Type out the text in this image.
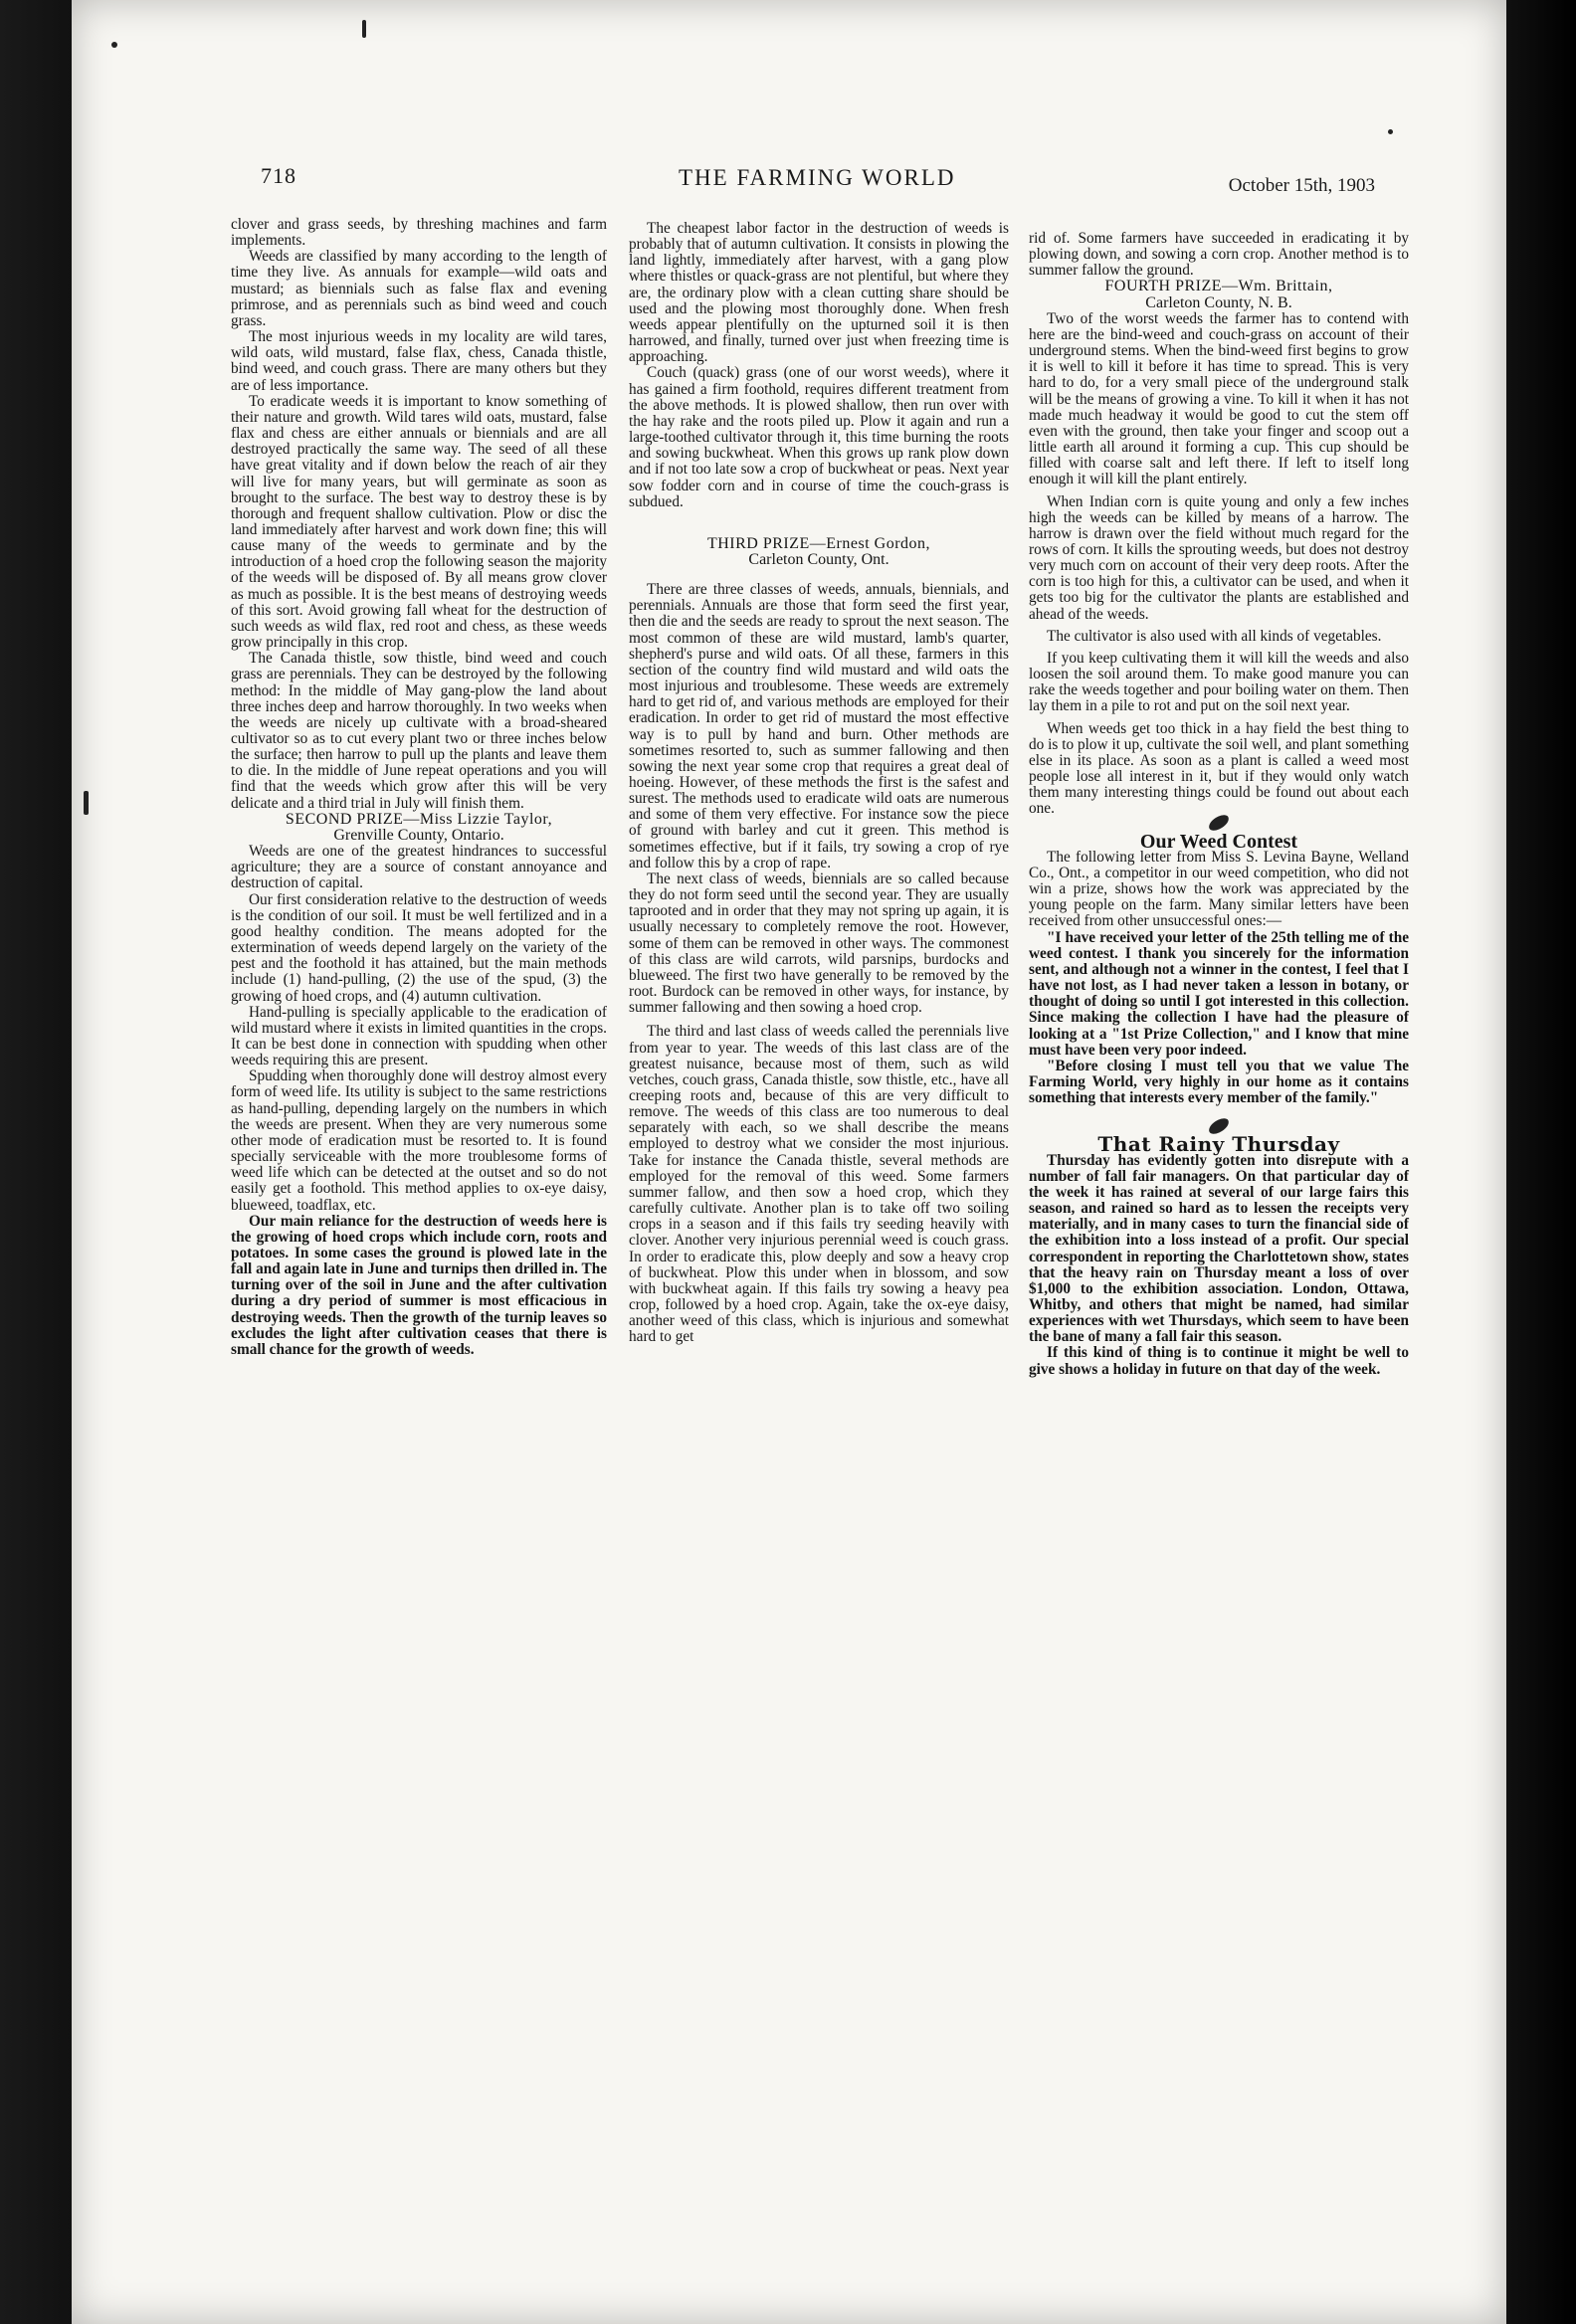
718	THE FARMING WORLD	October 15th, 1903

clover and grass seeds, by threshing machines and farm implements.

Weeds are classified by many according to the length of time they live. As annuals for example—wild oats and mustard; as biennials such as false flax and evening primrose, and as perennials such as bind weed and couch grass.

The most injurious weeds in my locality are wild tares, wild oats, wild mustard, false flax, chess, Canada thistle, bind weed, and couch grass. There are many others but they are of less importance.

To eradicate weeds it is important to know something of their nature and growth. Wild tares wild oats, mustard, false flax and chess are either annuals or biennials and are all destroyed practically the same way. The seed of all these have great vitality and if down below the reach of air they will live for many years, but will germinate as soon as brought to the surface. The best way to destroy these is by thorough and frequent shallow cultivation. Plow or disc the land immediately after harvest and work down fine; this will cause many of the weeds to germinate and by the introduction of a hoed crop the following season the majority of the weeds will be disposed of. By all means grow clover as much as possible. It is the best means of destroying weeds of this sort. Avoid growing fall wheat for the destruction of such weeds as wild flax, red root and chess, as these weeds grow principally in this crop.

The Canada thistle, sow thistle, bind weed and couch grass are perennials. They can be destroyed by the following method: In the middle of May gang-plow the land about three inches deep and harrow thoroughly. In two weeks when the weeds are nicely up cultivate with a broad-sheared cultivator so as to cut every plant two or three inches below the surface; then harrow to pull up the plants and leave them to die. In the middle of June repeat operations and you will find that the weeds which grow after this will be very delicate and a third trial in July will finish them.

SECOND PRIZE—Miss Lizzie Taylor,

Grenville County, Ontario.

Weeds are one of the greatest hindrances to successful agriculture; they are a source of constant annoyance and destruction of capital.

Our first consideration relative to the destruction of weeds is the condition of our soil. It must be well fertilized and in a good healthy condition. The means adopted for the extermination of weeds depend largely on the variety of the pest and the foothold it has attained, but the main methods include (1) hand-pulling, (2) the use of the spud, (3) the growing of hoed crops, and (4) autumn cultivation.

Hand-pulling is specially applicable to the eradication of wild mustard where it exists in limited quantities in the crops. It can be best done in connection with spudding when other weeds requiring this are present.

Spudding when thoroughly done will destroy almost every form of weed life. Its utility is subject to the same restrictions as hand-pulling, depending largely on the numbers in which the weeds are present. When they are very numerous some other mode of eradication must be resorted to. It is found specially serviceable with the more troublesome forms of weed life which can be detected at the outset and so do not easily get a foothold. This method applies to ox-eye daisy, blueweed, toadflax, etc.

Our main reliance for the destruction of weeds here is the growing of hoed crops which include corn, roots and potatoes. In some cases the ground is plowed late in the fall and again late in June and turnips then drilled in. The turning over of the soil in June and the after cultivation during a dry period of summer is most efficacious in destroying weeds. Then the growth of the turnip leaves so excludes the light after cultivation ceases that there is small chance for the growth of weeds.

The cheapest labor factor in the destruction of weeds is probably that of autumn cultivation. It consists in plowing the land lightly, immediately after harvest, with a gang plow where thistles or quack-grass are not plentiful, but where they are, the ordinary plow with a clean cutting share should be used and the plowing most thoroughly done. When fresh weeds appear plentifully on the upturned soil it is then harrowed, and finally, turned over just when freezing time is approaching.

Couch (quack) grass (one of our worst weeds), where it has gained a firm foothold, requires different treatment from the above methods. It is plowed shallow, then run over with the hay rake and the roots piled up. Plow it again and run a large-toothed cultivator through it, this time burning the roots and sowing buckwheat. When this grows up rank plow down and if not too late sow a crop of buckwheat or peas. Next year sow fodder corn and in course of time the couch-grass is subdued.

THIRD PRIZE—Ernest Gordon,

Carleton County, Ont.

There are three classes of weeds, annuals, biennials, and perennials. Annuals are those that form seed the first year, then die and the seeds are ready to sprout the next season. The most common of these are wild mustard, lamb's quarter, shepherd's purse and wild oats. Of all these, farmers in this section of the country find wild mustard and wild oats the most injurious and troublesome. These weeds are extremely hard to get rid of, and various methods are employed for their eradication. In order to get rid of mustard the most effective way is to pull by hand and burn. Other methods are sometimes resorted to, such as summer fallowing and then sowing the next year some crop that requires a great deal of hoeing. However, of these methods the first is the safest and surest. The methods used to eradicate wild oats are numerous and some of them very effective. For instance sow the piece of ground with barley and cut it green. This method is sometimes effective, but if it fails, try sowing a crop of rye and follow this by a crop of rape.

The next class of weeds, biennials are so called because they do not form seed until the second year. They are usually taprooted and in order that they may not spring up again, it is usually necessary to completely remove the root. However, some of them can be removed in other ways. The commonest of this class are wild carrots, wild parsnips, burdocks and blueweed. The first two have generally to be removed by the root. Burdock can be removed in other ways, for instance, by summer fallowing and then sowing a hoed crop.

The third and last class of weeds called the perennials live from year to year. The weeds of this last class are of the greatest nuisance, because most of them, such as wild vetches, couch grass, Canada thistle, sow thistle, etc., have all creeping roots and, because of this are very difficult to remove. The weeds of this class are too numerous to deal separately with each, so we shall describe the means employed to destroy what we consider the most injurious. Take for instance the Canada thistle, several methods are employed for the removal of this weed. Some farmers summer fallow, and then sow a hoed crop, which they carefully cultivate. Another plan is to take off two soiling crops in a season and if this fails try seeding heavily with clover. Another very injurious perennial weed is couch grass. In order to eradicate this, plow deeply and sow a heavy crop of buckwheat. Plow this under when in blossom, and sow with buckwheat again. If this fails try sowing a heavy pea crop, followed by a hoed crop. Again, take the ox-eye daisy, another weed of this class, which is injurious and somewhat hard to get

rid of. Some farmers have succeeded in eradicating it by plowing down, and sowing a corn crop. Another method is to summer fallow the ground.

FOURTH PRIZE—Wm. Brittain,

Carleton County, N. B.

Two of the worst weeds the farmer has to contend with here are the bind-weed and couch-grass on account of their underground stems. When the bind-weed first begins to grow it is well to kill it before it has time to spread. This is very hard to do, for a very small piece of the underground stalk will be the means of growing a vine. To kill it when it has not made much headway it would be good to cut the stem off even with the ground, then take your finger and scoop out a little earth all around it forming a cup. This cup should be filled with coarse salt and left there. If left to itself long enough it will kill the plant entirely.

When Indian corn is quite young and only a few inches high the weeds can be killed by means of a harrow. The harrow is drawn over the field without much regard for the rows of corn. It kills the sprouting weeds, but does not destroy very much corn on account of their very deep roots. After the corn is too high for this, a cultivator can be used, and when it gets too big for the cultivator the plants are established and ahead of the weeds.

The cultivator is also used with all kinds of vegetables.

If you keep cultivating them it will kill the weeds and also loosen the soil around them. To make good manure you can rake the weeds together and pour boiling water on them. Then lay them in a pile to rot and put on the soil next year.

When weeds get too thick in a hay field the best thing to do is to plow it up, cultivate the soil well, and plant something else in its place. As soon as a plant is called a weed most people lose all interest in it, but if they would only watch them many interesting things could be found out about each one.

Our Weed Contest

The following letter from Miss S. Levina Bayne, Welland Co., Ont., a competitor in our weed competition, who did not win a prize, shows how the work was appreciated by the young people on the farm. Many similar letters have been received from other unsuccessful ones:—

"I have received your letter of the 25th telling me of the weed contest. I thank you sincerely for the information sent, and although not a winner in the contest, I feel that I have not lost, as I had never taken a lesson in botany, or thought of doing so until I got interested in this collection. Since making the collection I have had the pleasure of looking at a "1st Prize Collection," and I know that mine must have been very poor indeed.

"Before closing I must tell you that we value The Farming World, very highly in our home as it contains something that interests every member of the family."

That Rainy Thursday

Thursday has evidently gotten into disrepute with a number of fall fair managers. On that particular day of the week it has rained at several of our large fairs this season, and rained so hard as to lessen the receipts very materially, and in many cases to turn the financial side of the exhibition into a loss instead of a profit. Our special correspondent in reporting the Charlottetown show, states that the heavy rain on Thursday meant a loss of over $1,000 to the exhibition association. London, Ottawa, Whitby, and others that might be named, had similar experiences with wet Thursdays, which seem to have been the bane of many a fall fair this season.

If this kind of thing is to continue it might be well to give shows a holiday in future on that day of the week.
